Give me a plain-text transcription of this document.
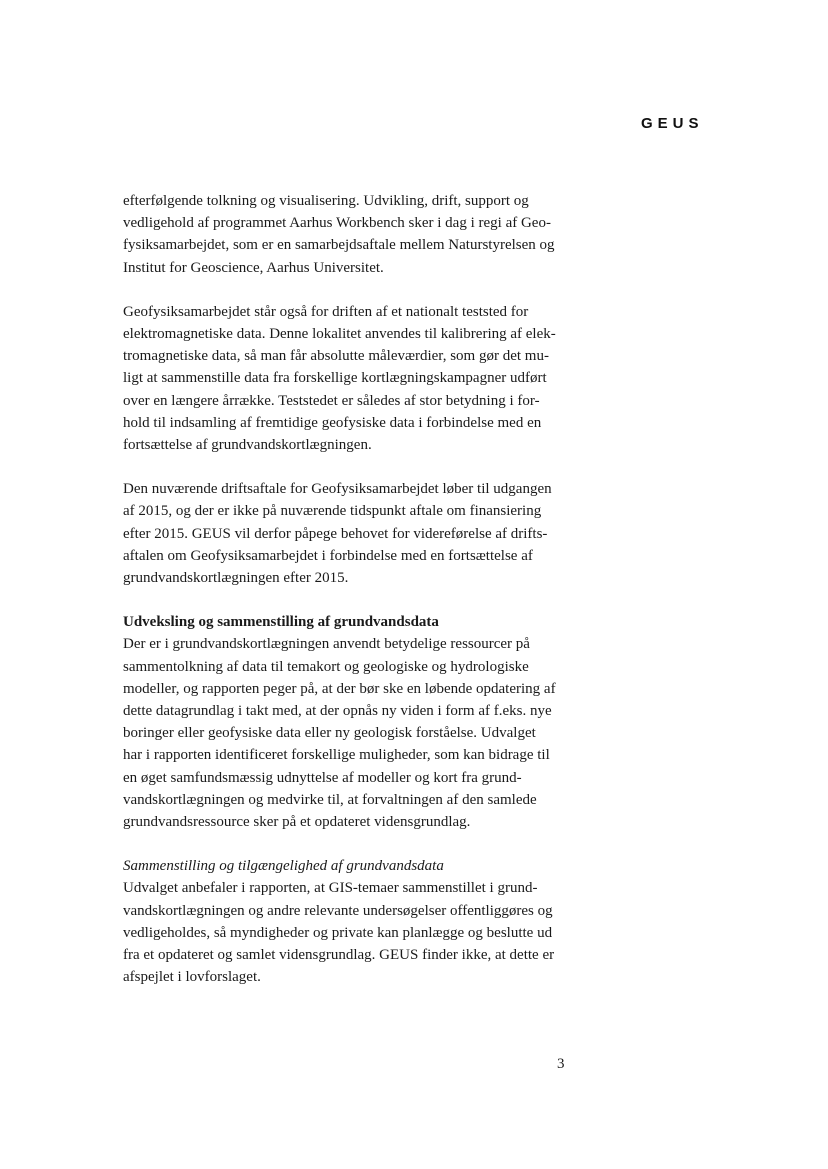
GEUS
efterfølgende tolkning og visualisering. Udvikling, drift, support og
vedligehold af programmet Aarhus Workbench sker i dag i regi af Geo-
fysiksamarbejdet, som er en samarbejdsaftale mellem Naturstyrelsen og
Institut for Geoscience, Aarhus Universitet.
Geofysiksamarbejdet står også for driften af et nationalt teststed for
elektromagnetiske data. Denne lokalitet anvendes til kalibrering af elek-
tromagnetiske data, så man får absolutte måleværdier, som gør det mu-
ligt at sammenstille data fra forskellige kortlægningskampagner udført
over en længere årrække. Teststedet er således af stor betydning i for-
hold til indsamling af fremtidige geofysiske data i forbindelse med en
fortsættelse af grundvandskortlægningen.
Den nuværende driftsaftale for Geofysiksamarbejdet løber til udgangen
af 2015, og der er ikke på nuværende tidspunkt aftale om finansiering
efter 2015. GEUS vil derfor påpege behovet for videreførelse af drifts-
aftalen om Geofysiksamarbejdet i forbindelse med en fortsættelse af
grundvandskortlægningen efter 2015.
Udveksling og sammenstilling af grundvandsdata
Der er i grundvandskortlægningen anvendt betydelige ressourcer på
sammentolkning af data til temakort og geologiske og hydrologiske
modeller, og rapporten peger på, at der bør ske en løbende opdatering af
dette datagrundlag i takt med, at der opnås ny viden i form af f.eks. nye
boringer eller geofysiske data eller ny geologisk forståelse. Udvalget
har i rapporten identificeret forskellige muligheder, som kan bidrage til
en øget samfundsmæssig udnyttelse af modeller og kort fra grund-
vandskortlægningen og medvirke til, at forvaltningen af den samlede
grundvandsressource sker på et opdateret vidensgrundlag.
Sammenstilling og tilgængelighed af grundvandsdata
Udvalget anbefaler i rapporten, at GIS-temaer sammenstillet i grund-
vandskortlægningen og andre relevante undersøgelser offentliggøres og
vedligeholdes, så myndigheder og private kan planlægge og beslutte ud
fra et opdateret og samlet vidensgrundlag. GEUS finder ikke, at dette er
afspejlet i lovforslaget.
3
